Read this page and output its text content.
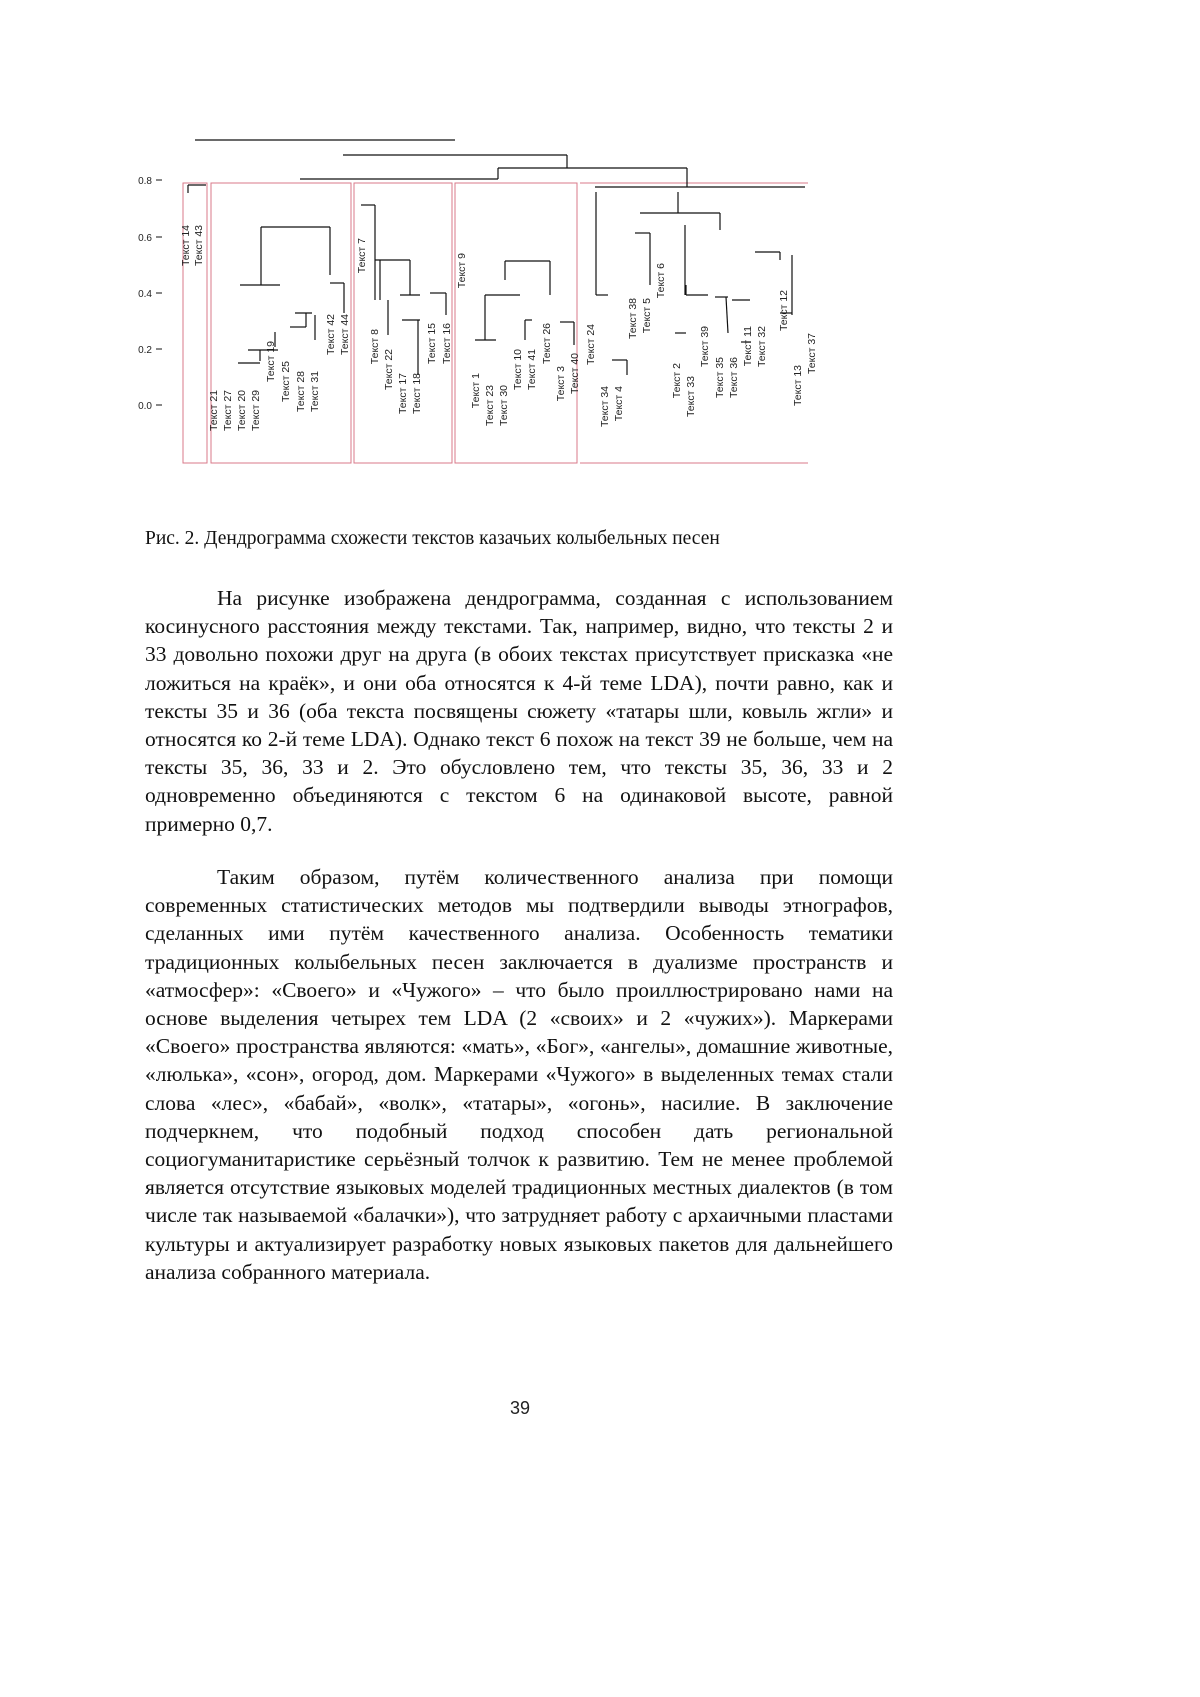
0.8
0.6
0.4
0.2
0.0
Текст 14 Текст 43
Текст 21 Текст 27 Текст 20 Текст 29
Текст 19 Текст 25 Текст 28 Текст 31
Текст 42 Текст 44
Текст 7
Текст 8
Текст 22
Текст 17 Текст 18
Текст 15 Текст 16
Текст 9
Текст 1 Текст 23 Текст 30
Текст 10 Текст 41
Текст 26
Текст 3 Текст 40
Текст 24
Текст 34 Текст 4
Текст 38 Текст 5
Текст 6
Текст 2 Текст 33
Текст 39
Текст 35 Текст 36
Текст 11 Текст 32
Текст 12
Текст 13
Текст 37
Рис. 2. Дендрограмма схожести текстов казачьих колыбельных песен

На рисунке изображена дендрограмма, созданная с использованием косинусного расстояния между текстами. Так, например, видно, что тексты 2 и 33 довольно похожи друг на друга (в обоих текстах присутствует присказка «не ложиться на краёк», и они оба относятся к 4-й теме LDA), почти равно, как и тексты 35 и 36 (оба текста посвящены сюжету «татары шли, ковыль жгли» и относятся ко 2-й теме LDA). Однако текст 6 похож на текст 39 не больше, чем на тексты 35, 36, 33 и 2. Это обусловлено тем, что тексты 35, 36, 33 и 2 одновременно объединяются с текстом 6 на одинаковой высоте, равной примерно 0,7.

Таким образом, путём количественного анализа при помощи современных статистических методов мы подтвердили выводы этнографов, сделанных ими путём качественного анализа. Особенность тематики традиционных колыбельных песен заключается в дуализме пространств и «атмосфер»: «Своего» и «Чужого» – что было проиллюстрировано нами на основе выделения четырех тем LDA (2 «своих» и 2 «чужих»). Маркерами «Своего» пространства являются: «мать», «Бог», «ангелы», домашние животные, «люлька», «сон», огород, дом. Маркерами «Чужого» в выделенных темах стали слова «лес», «бабай», «волк», «татары», «огонь», насилие. В заключение подчеркнем, что подобный подход способен дать региональной социогуманитаристике серьёзный толчок к развитию. Тем не менее проблемой является отсутствие языковых моделей традиционных местных диалектов (в том числе так называемой «балачки»), что затрудняет работу с архаичными пластами культуры и актуализирует разработку новых языковых пакетов для дальнейшего анализа собранного материала.

39
